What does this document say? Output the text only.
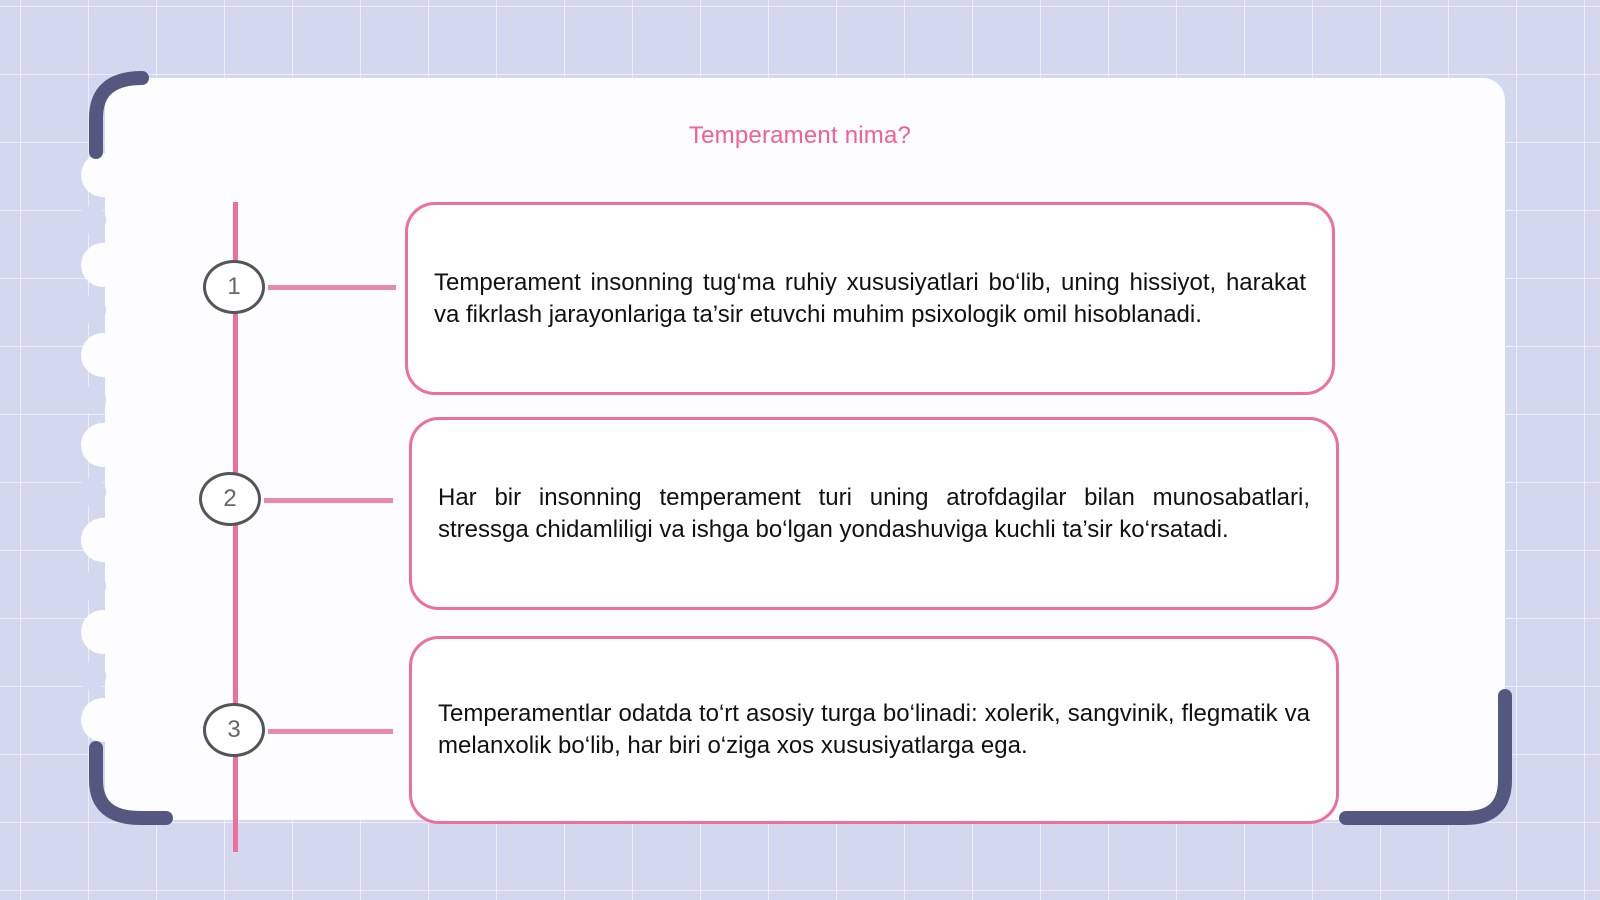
Temperament nima?
1
2
3

Temperament insonning tug‘ma ruhiy xususiyatlari bo‘lib, uning hissiyot, harakat va fikrlash jarayonlariga ta’sir etuvchi muhim psixologik omil hisoblanadi.

Har bir insonning temperament turi uning atrofdagilar bilan munosabatlari, stressga chidamliligi va ishga bo‘lgan yondashuviga kuchli ta’sir ko‘rsatadi.

Temperamentlar odatda to‘rt asosiy turga bo‘linadi: xolerik, sangvinik, flegmatik va melanxolik bo‘lib, har biri o‘ziga xos xususiyatlarga ega.
